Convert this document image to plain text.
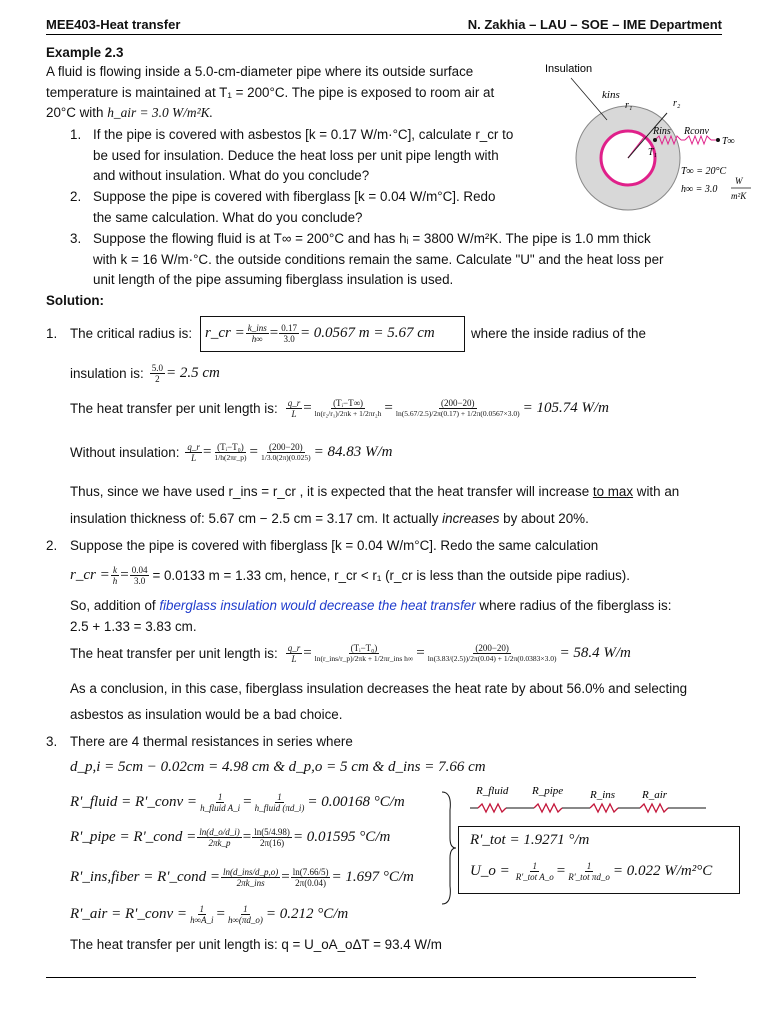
MEE403-Heat transfer	N. Zakhia – LAU – SOE – IME Department
Example 2.3
A fluid is flowing inside a 5.0-cm-diameter pipe where its outside surface
temperature is maintained at T₁ = 200°C. The pipe is exposed to room air at
20°C with h_air = 3.0 W/m²K.
1. If the pipe is covered with asbestos [k = 0.17 W/m·°C], calculate r_cr to
be used for insulation. Deduce the heat loss per unit pipe length with
and without insulation. What do you conclude?
2. Suppose the pipe is covered with fiberglass [k = 0.04 W/m°C]. Redo
the same calculation. What do you conclude?
3. Suppose the flowing fluid is at T∞ = 200°C and has hᵢ = 3800 W/m²K. The pipe is 1.0 mm thick
with k = 16 W/m·°C. the outside conditions remain the same. Calculate "U" and the heat loss per
unit length of the pipe assuming fiberglass insulation is used.
Insulation
kins
r₁	r₂
Rins Rconv
T∞
T₁
T∞ = 20°C
h∞ = 3.0
W
m²K
Solution:
1. The critical radius is: r_cr = $\frac{\text{k\_ins}}{h\infty} = \frac{0.17}{3.0} = 0.0567$ m = 5.67 cm	where the inside radius of the
insulation is: $\frac{5.0}{2} = 2.5$ cm
The heat transfer per unit length is: $\frac{q\_r}{L} = \frac{\text{(Tᵢ−T∞)}}{\text{ln(r₂/r₁)/2πk + 1/2πr₂h}} = \frac{(200-20)}{\ln(5.67/2.5)/2\pi(0.17) + 1/2\pi(0.0567\times 3.0)} = 105.74$ W/m
Without insulation: $\frac{q\_r}{L} = \frac{\text{(Tᵢ−T₀)}}{1/h(2\pi r\_p)} = \frac{(200-20)}{1/3.0(2\pi)(0.025)} = 84.83$ W/m
Thus, since we have used r_ins = r_cr , it is expected that the heat transfer will increase to max with an
insulation thickness of: 5.67 cm − 2.5 cm = 3.17 cm. It actually increases by about 20%.
2. Suppose the pipe is covered with fiberglass [k = 0.04 W/m°C]. Redo the same calculation
r_cr = $\frac{k}{h} = \frac{0.04}{3.0} = 0.0133$ m = 1.33 cm, hence, r_cr < r₁ (r_cr is less than the outside pipe radius).
So, addition of fiberglass insulation would decrease the heat transfer where radius of the fiberglass is:
2.5 + 1.33 = 3.83 cm.
The heat transfer per unit length is: $\frac{q\_r}{L} = \frac{\text{(Tᵢ−T₀)}}{\text{ln(r\_ins/r\_p)/2πk + 1/2πr\_ins h∞}} = \frac{(200-20)}{\ln(3.83/(2.5))/2\pi(0.04) + 1/2\pi(0.0383\times 3.0)} = 58.4$ W/m
As a conclusion, in this case, fiberglass insulation decreases the heat rate by about 56.0% and selecting
asbestos as insulation would be a bad choice.
3. There are 4 thermal resistances in series where
d_p,i = 5cm − 0.02cm = 4.98 cm & d_p,o = 5 cm & d_ins = 7.66 cm
R'_fluid = R'_conv = $\frac{1}{\text{h\_fluid A\_i}} = \frac{1}{\text{h\_fluid (πd\_i)}} = 0.00168$ °C/m
R'_pipe = R'_cond = $\frac{\ln(d\_o/d\_i)}{2\pi k\_p} = \frac{\ln(5/4.98)}{2\pi(16)} = 0.01595$ °C/m
R'_ins,fiber = R'_cond = $\frac{\text{ln(d\_ins/d\_p,o)}}{\text{2πk\_ins}} = \frac{\ln(7.66/5)}{2\pi(0.04)} = 1.697$ °C/m
R'_air = R'_conv = $\frac{1}{h\infty A\_i} = \frac{1}{h\infty(\pi d\_o)} = 0.212$ °C/m
R_fluid R_pipe R_ins R_air
R'_tot = 1.9271 °/m
U_o = $\frac{1}{\text{R'\_tot A\_o}} = \frac{1}{\text{R'\_tot πd\_o}} = 0.022$ W/m²°C
The heat transfer per unit length is: q = U_oA_oΔT = 93.4 W/m
